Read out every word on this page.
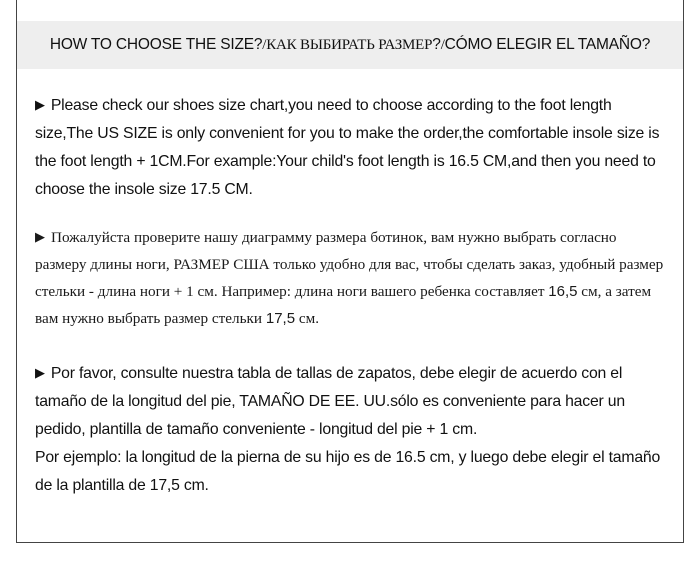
HOW TO CHOOSE THE SIZE? / КАК ВЫБИРАТЬ РАЗМЕР ? / CÓMO ELEGIR EL TAMAÑO?

▶ Please check our shoes size chart,you need to choose according to the foot length size,The US SIZE is only convenient for you to make the order,the comfortable insole size is the foot length + 1CM.For example:Your child's foot length is 16.5 CM,and then you need to choose the insole size 17.5 CM.

▶ Пожалуйста проверите нашу диаграмму размера ботинок, вам нужно выбрать согласно размеру длины ноги, РАЗМЕР США только удобно для вас, чтобы сделать заказ, удобный размер стельки - длина ноги + 1 см. Например: длина ноги вашего ребенка составляет 16,5 см, а затем вам нужно выбрать размер стельки 17,5 см.

▶ Por favor, consulte nuestra tabla de tallas de zapatos, debe elegir de acuerdo con el tamaño de la longitud del pie, TAMAÑO DE EE. UU.sólo es conveniente para hacer un pedido, plantilla de tamaño conveniente - longitud del pie + 1 cm.

Por ejemplo: la longitud de la pierna de su hijo es de 16.5 cm, y luego debe elegir el tamaño de la plantilla de 17,5 cm.
